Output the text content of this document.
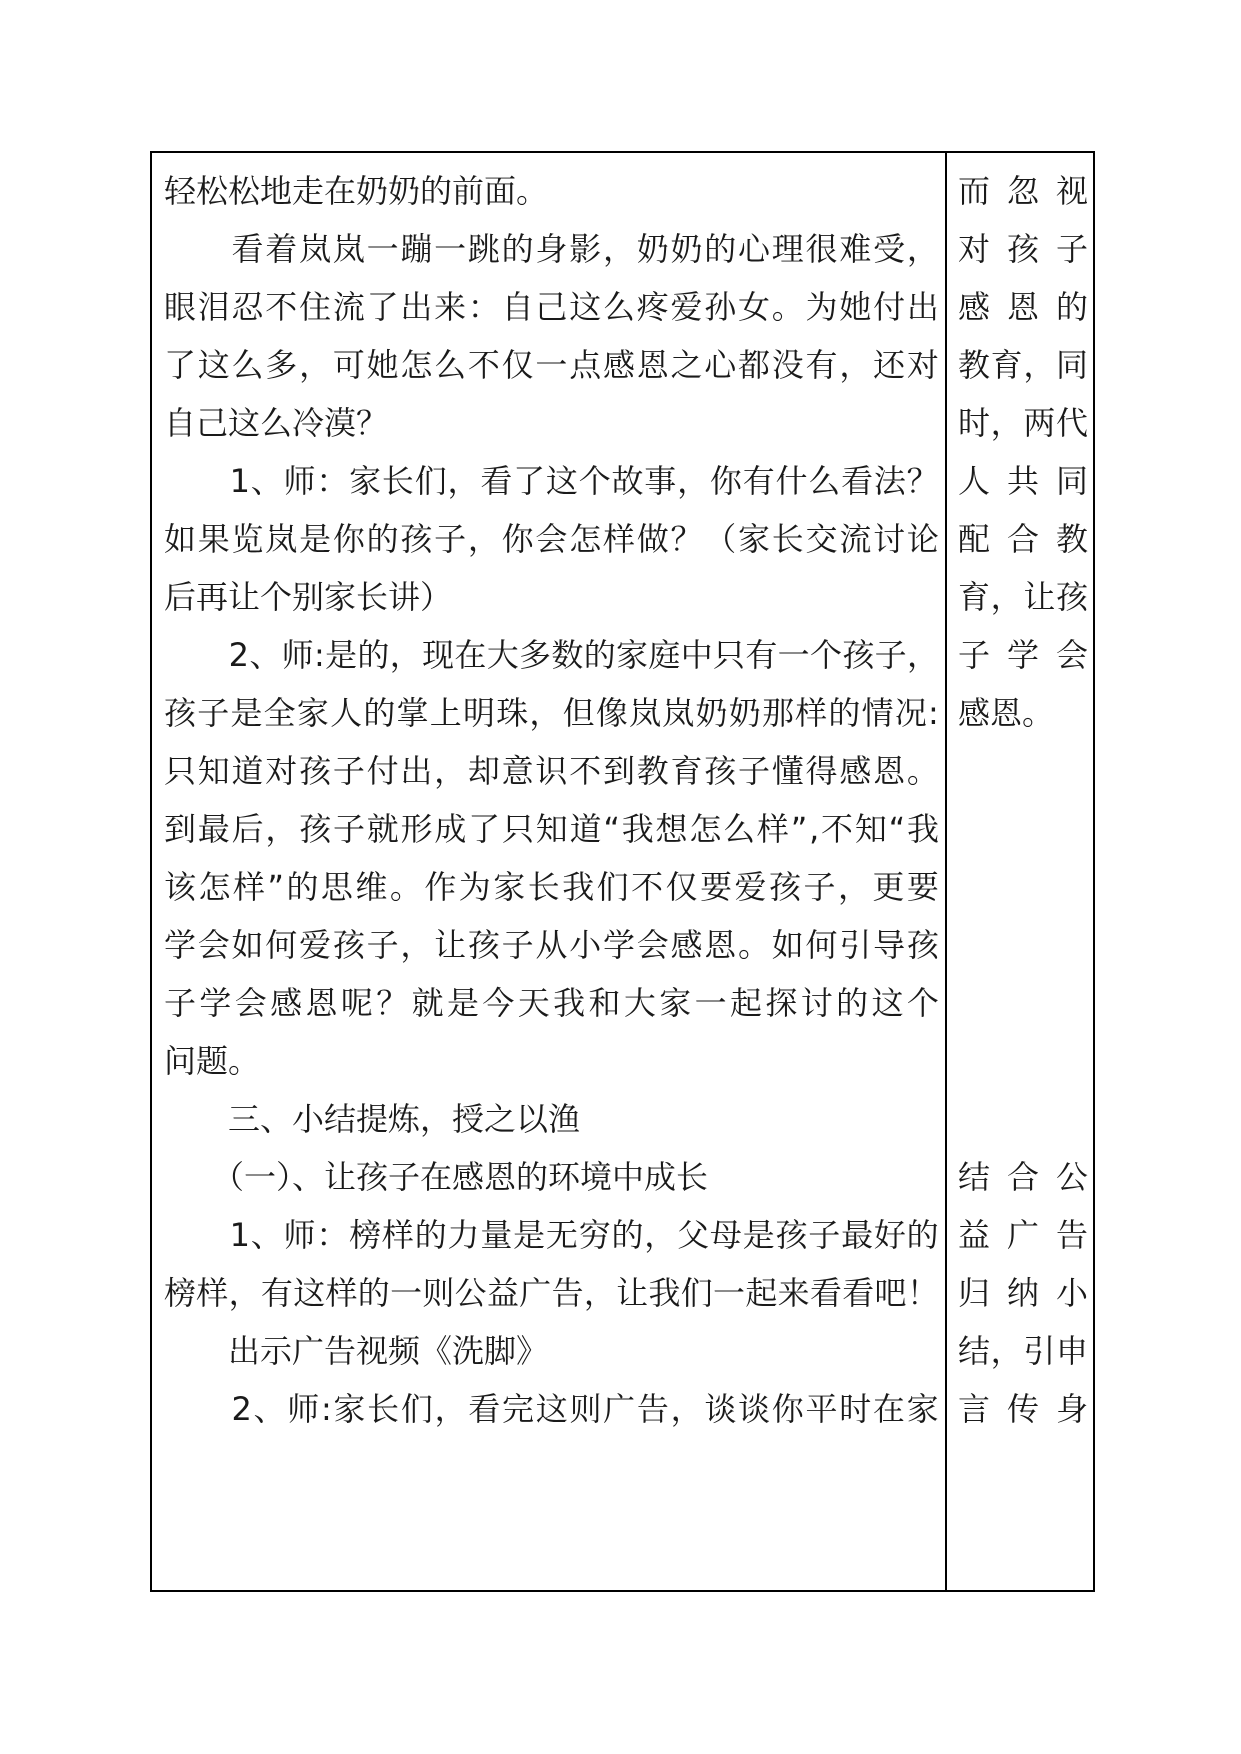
轻松松地走在奶奶的前面。

看 着 岚 岚 一 蹦 一 跳 的 身 影 ， 奶 奶 的 心 理 很 难 受 ，
眼 泪 忍 不 住 流 了 出 来 ： 自 己 这 么 疼 爱 孙 女 。 为 她 付 出
了 这 么 多 ， 可 她 怎 么 不 仅 一 点 感 恩 之 心 都 没 有 ， 还 对
自己这么冷漠？

1 、 师 ： 家 长 们 ， 看 了 这 个 故 事 ， 你 有 什 么 看 法 ？
如 果 览 岚 是 你 的 孩 子 ， 你 会 怎 样 做 ？ （ 家 长 交 流 讨 论
后再让个别家长讲）

2 、 师 : 是 的 ， 现 在 大 多 数 的 家 庭 中 只 有 一 个 孩 子 ，
孩 子 是 全 家 人 的 掌 上 明 珠 ， 但 像 岚 岚 奶 奶 那 样 的 情 况 :
只 知 道 对 孩 子 付 出 ， 却 意 识 不 到 教 育 孩 子 懂 得 感 恩 。
到 最 后 ， 孩 子 就 形 成 了 只 知 道 “ 我 想 怎 么 样 ” , 不 知 “ 我
该 怎 样 ” 的 思 维 。 作 为 家 长 我 们 不 仅 要 爱 孩 子 ， 更 要
学 会 如 何 爱 孩 子 ， 让 孩 子 从 小 学 会 感 恩 。 如 何 引 导 孩
子 学 会 感 恩 呢 ？ 就 是 今 天 我 和 大 家 一 起 探 讨 的 这 个
问题。
　　三、小结提炼，授之以渔
　　（一）、让孩子在感恩的环境中成长

1 、 师 ： 榜 样 的 力 量 是 无 穷 的 ， 父 母 是 孩 子 最 好 的
榜 样 ， 有 这 样 的 一 则 公 益 广 告 ， 让 我 们 一 起 来 看 看 吧 ！
　　出示广告视频《洗脚》

2 、 师 : 家 长 们 ， 看 完 这 则 广 告 ， 谈 谈 你 平 时 在 家
而 忽 视
对 孩 子
感 恩 的
教 育 ， 同
时 ， 两 代
人 共 同
配 合 教
育 ， 让 孩
子 学 会
感恩。
结 合 公
益 广 告
归 纳 小
结 ， 引 申
言 传 身
